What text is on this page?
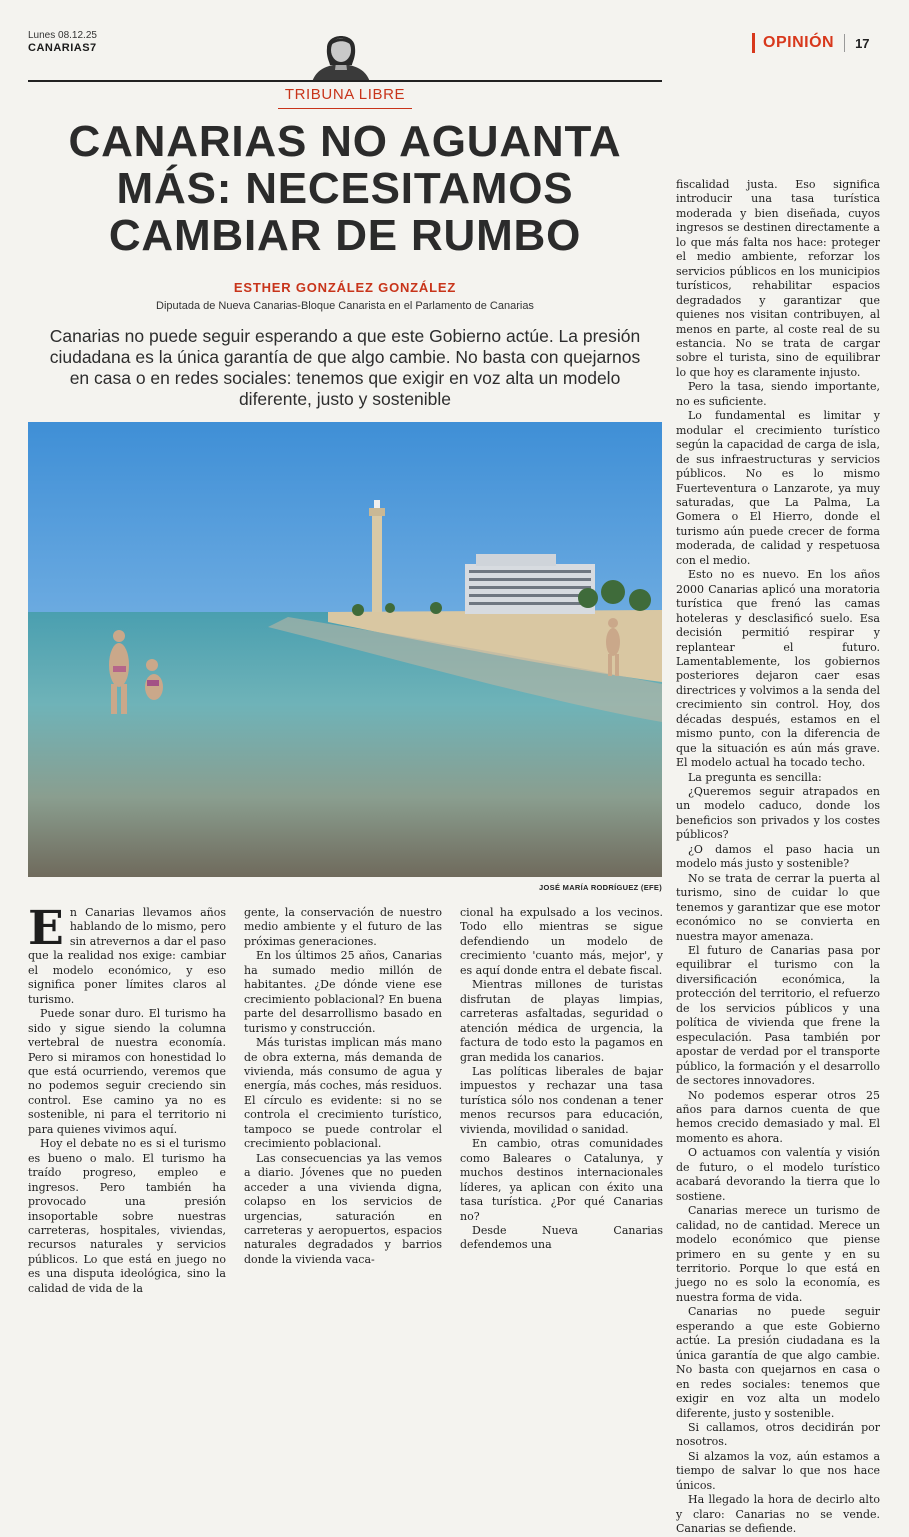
Lunes 08.12.25
CANARIAS7	OPINIÓN 17
TRIBUNA LIBRE
CANARIAS NO AGUANTA
MÁS: NECESITAMOS
CAMBIAR DE RUMBO
ESTHER GONZÁLEZ GONZÁLEZ
Diputada de Nueva Canarias-Bloque Canarista en el Parlamento de Canarias

Canarias no puede seguir esperando a que este Gobierno actúe. La presión ciudadana es la única garantía de que algo cambie. No basta con quejarnos en casa o en redes sociales: tenemos que exigir en voz alta un modelo diferente, justo y sostenible

JOSÉ MARÍA RODRÍGUEZ (EFE)
E n Canarias llevamos años hablando de lo mismo, pero sin atrevernos a dar el paso que la realidad nos exige: cambiar el modelo económico, y eso significa poner límites claros al turismo.

Puede sonar duro. El turismo ha sido y sigue siendo la columna vertebral de nuestra economía. Pero si miramos con honestidad lo que está ocurriendo, veremos que no podemos seguir creciendo sin control. Ese camino ya no es sostenible, ni para el territorio ni para quienes vivimos aquí.

Hoy el debate no es si el turismo es bueno o malo. El turismo ha traído progreso, empleo e ingresos. Pero también ha provocado una presión insoportable sobre nuestras carreteras, hospitales, viviendas, recursos naturales y servicios públicos. Lo que está en juego no es una disputa ideológica, sino la calidad de vida de la

gente, la conservación de nuestro medio ambiente y el futuro de las próximas generaciones.

En los últimos 25 años, Canarias ha sumado medio millón de habitantes. ¿De dónde viene ese crecimiento poblacional? En buena parte del desarrollismo basado en turismo y construcción.

Más turistas implican más mano de obra externa, más demanda de vivienda, más consumo de agua y energía, más coches, más residuos. El círculo es evidente: si no se controla el crecimiento turístico, tampoco se puede controlar el crecimiento poblacional.

Las consecuencias ya las vemos a diario. Jóvenes que no pueden acceder a una vivienda digna, colapso en los servicios de urgencias, saturación en carreteras y aeropuertos, espacios naturales degradados y barrios donde la vivienda vaca-

cional ha expulsado a los vecinos. Todo ello mientras se sigue defendiendo un modelo de crecimiento 'cuanto más, mejor', y es aquí donde entra el debate fiscal.

Mientras millones de turistas disfrutan de playas limpias, carreteras asfaltadas, seguridad o atención médica de urgencia, la factura de todo esto la pagamos en gran medida los canarios.

Las políticas liberales de bajar impuestos y rechazar una tasa turística sólo nos condenan a tener menos recursos para educación, vivienda, movilidad o sanidad.

En cambio, otras comunidades como Baleares o Catalunya, y muchos destinos internacionales líderes, ya aplican con éxito una tasa turística. ¿Por qué Canarias no?

Desde Nueva Canarias defendemos una

fiscalidad justa. Eso significa introducir una tasa turística moderada y bien diseñada, cuyos ingresos se destinen directamente a lo que más falta nos hace: proteger el medio ambiente, reforzar los servicios públicos en los municipios turísticos, rehabilitar espacios degradados y garantizar que quienes nos visitan contribuyen, al menos en parte, al coste real de su estancia. No se trata de cargar sobre el turista, sino de equilibrar lo que hoy es claramente injusto.

Pero la tasa, siendo importante, no es suficiente.

Lo fundamental es limitar y modular el crecimiento turístico según la capacidad de carga de isla, de sus infraestructuras y servicios públicos. No es lo mismo Fuerteventura o Lanzarote, ya muy saturadas, que La Palma, La Gomera o El Hierro, donde el turismo aún puede crecer de forma moderada, de calidad y respetuosa con el medio.

Esto no es nuevo. En los años 2000 Canarias aplicó una moratoria turística que frenó las camas hoteleras y desclasificó suelo. Esa decisión permitió respirar y replantear el futuro. Lamentablemente, los gobiernos posteriores dejaron caer esas directrices y volvimos a la senda del crecimiento sin control. Hoy, dos décadas después, estamos en el mismo punto, con la diferencia de que la situación es aún más grave. El modelo actual ha tocado techo.

La pregunta es sencilla:

¿Queremos seguir atrapados en un modelo caduco, donde los beneficios son privados y los costes públicos?

¿O damos el paso hacia un modelo más justo y sostenible?

No se trata de cerrar la puerta al turismo, sino de cuidar lo que tenemos y garantizar que ese motor económico no se convierta en nuestra mayor amenaza.

El futuro de Canarias pasa por equilibrar el turismo con la diversificación económica, la protección del territorio, el refuerzo de los servicios públicos y una política de vivienda que frene la especulación. Pasa también por apostar de verdad por el transporte público, la formación y el desarrollo de sectores innovadores.

No podemos esperar otros 25 años para darnos cuenta de que hemos crecido demasiado y mal. El momento es ahora.

O actuamos con valentía y visión de futuro, o el modelo turístico acabará devorando la tierra que lo sostiene.

Canarias merece un turismo de calidad, no de cantidad. Merece un modelo económico que piense primero en su gente y en su territorio. Porque lo que está en juego no es solo la economía, es nuestra forma de vida.

Canarias no puede seguir esperando a que este Gobierno actúe. La presión ciudadana es la única garantía de que algo cambie. No basta con quejarnos en casa o en redes sociales: tenemos que exigir en voz alta un modelo diferente, justo y sostenible.

Si callamos, otros decidirán por nosotros.

Si alzamos la voz, aún estamos a tiempo de salvar lo que nos hace únicos.

Ha llegado la hora de decirlo alto y claro: Canarias no se vende. Canarias se defiende.
